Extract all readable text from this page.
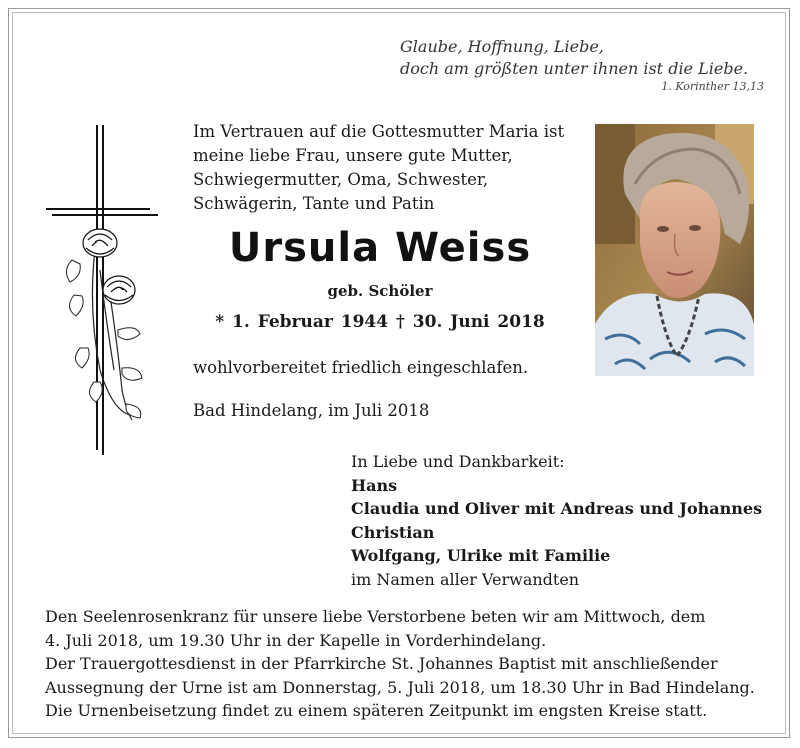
Glaube, Hoffnung, Liebe,
doch am größten unter ihnen ist die Liebe.
1. Korinther 13,13
Im Vertrauen auf die Gottesmutter Maria ist
meine liebe Frau, unsere gute Mutter,
Schwiegermutter, Oma, Schwester,
Schwägerin, Tante und Patin
Ursula Weiss
geb. Schöler
* 1. Februar 1944 † 30. Juni 2018
wohlvorbereitet friedlich eingeschlafen.
Bad Hindelang, im Juli 2018
In Liebe und Dankbarkeit:
Hans
Claudia und Oliver mit Andreas und Johannes
Christian
Wolfgang, Ulrike mit Familie
im Namen aller Verwandten
Den Seelenrosenkranz für unsere liebe Verstorbene beten wir am Mittwoch, dem
4. Juli 2018, um 19.30 Uhr in der Kapelle in Vorderhindelang.
Der Trauergottesdienst in der Pfarrkirche St. Johannes Baptist mit anschließender
Aussegnung der Urne ist am Donnerstag, 5. Juli 2018, um 18.30 Uhr in Bad Hindelang.
Die Urnenbeisetzung findet zu einem späteren Zeitpunkt im engsten Kreise statt.
